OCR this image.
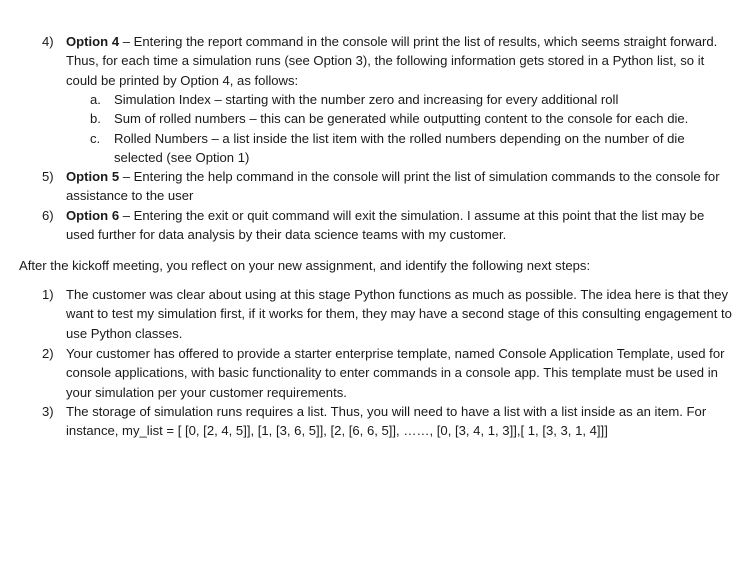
4) Option 4 – Entering the report command in the console will print the list of results, which seems straight forward. Thus, for each time a simulation runs (see Option 3), the following information gets stored in a Python list, so it could be printed by Option 4, as follows:
a. Simulation Index – starting with the number zero and increasing for every additional roll
b. Sum of rolled numbers – this can be generated while outputting content to the console for each die.
c. Rolled Numbers – a list inside the list item with the rolled numbers depending on the number of die selected (see Option 1)
5) Option 5 – Entering the help command in the console will print the list of simulation commands to the console for assistance to the user
6) Option 6 – Entering the exit or quit command will exit the simulation. I assume at this point that the list may be used further for data analysis by their data science teams with my customer.
After the kickoff meeting, you reflect on your new assignment, and identify the following next steps:
1) The customer was clear about using at this stage Python functions as much as possible. The idea here is that they want to test my simulation first, if it works for them, they may have a second stage of this consulting engagement to use Python classes.
2) Your customer has offered to provide a starter enterprise template, named Console Application Template, used for console applications, with basic functionality to enter commands in a console app. This template must be used in your simulation per your customer requirements.
3) The storage of simulation runs requires a list. Thus, you will need to have a list with a list inside as an item. For instance, my_list = [ [0, [2, 4, 5]], [1, [3, 6, 5]], [2, [6, 6, 5]], ……, [0, [3, 4, 1, 3]],[ 1, [3, 3, 1, 4]]]
